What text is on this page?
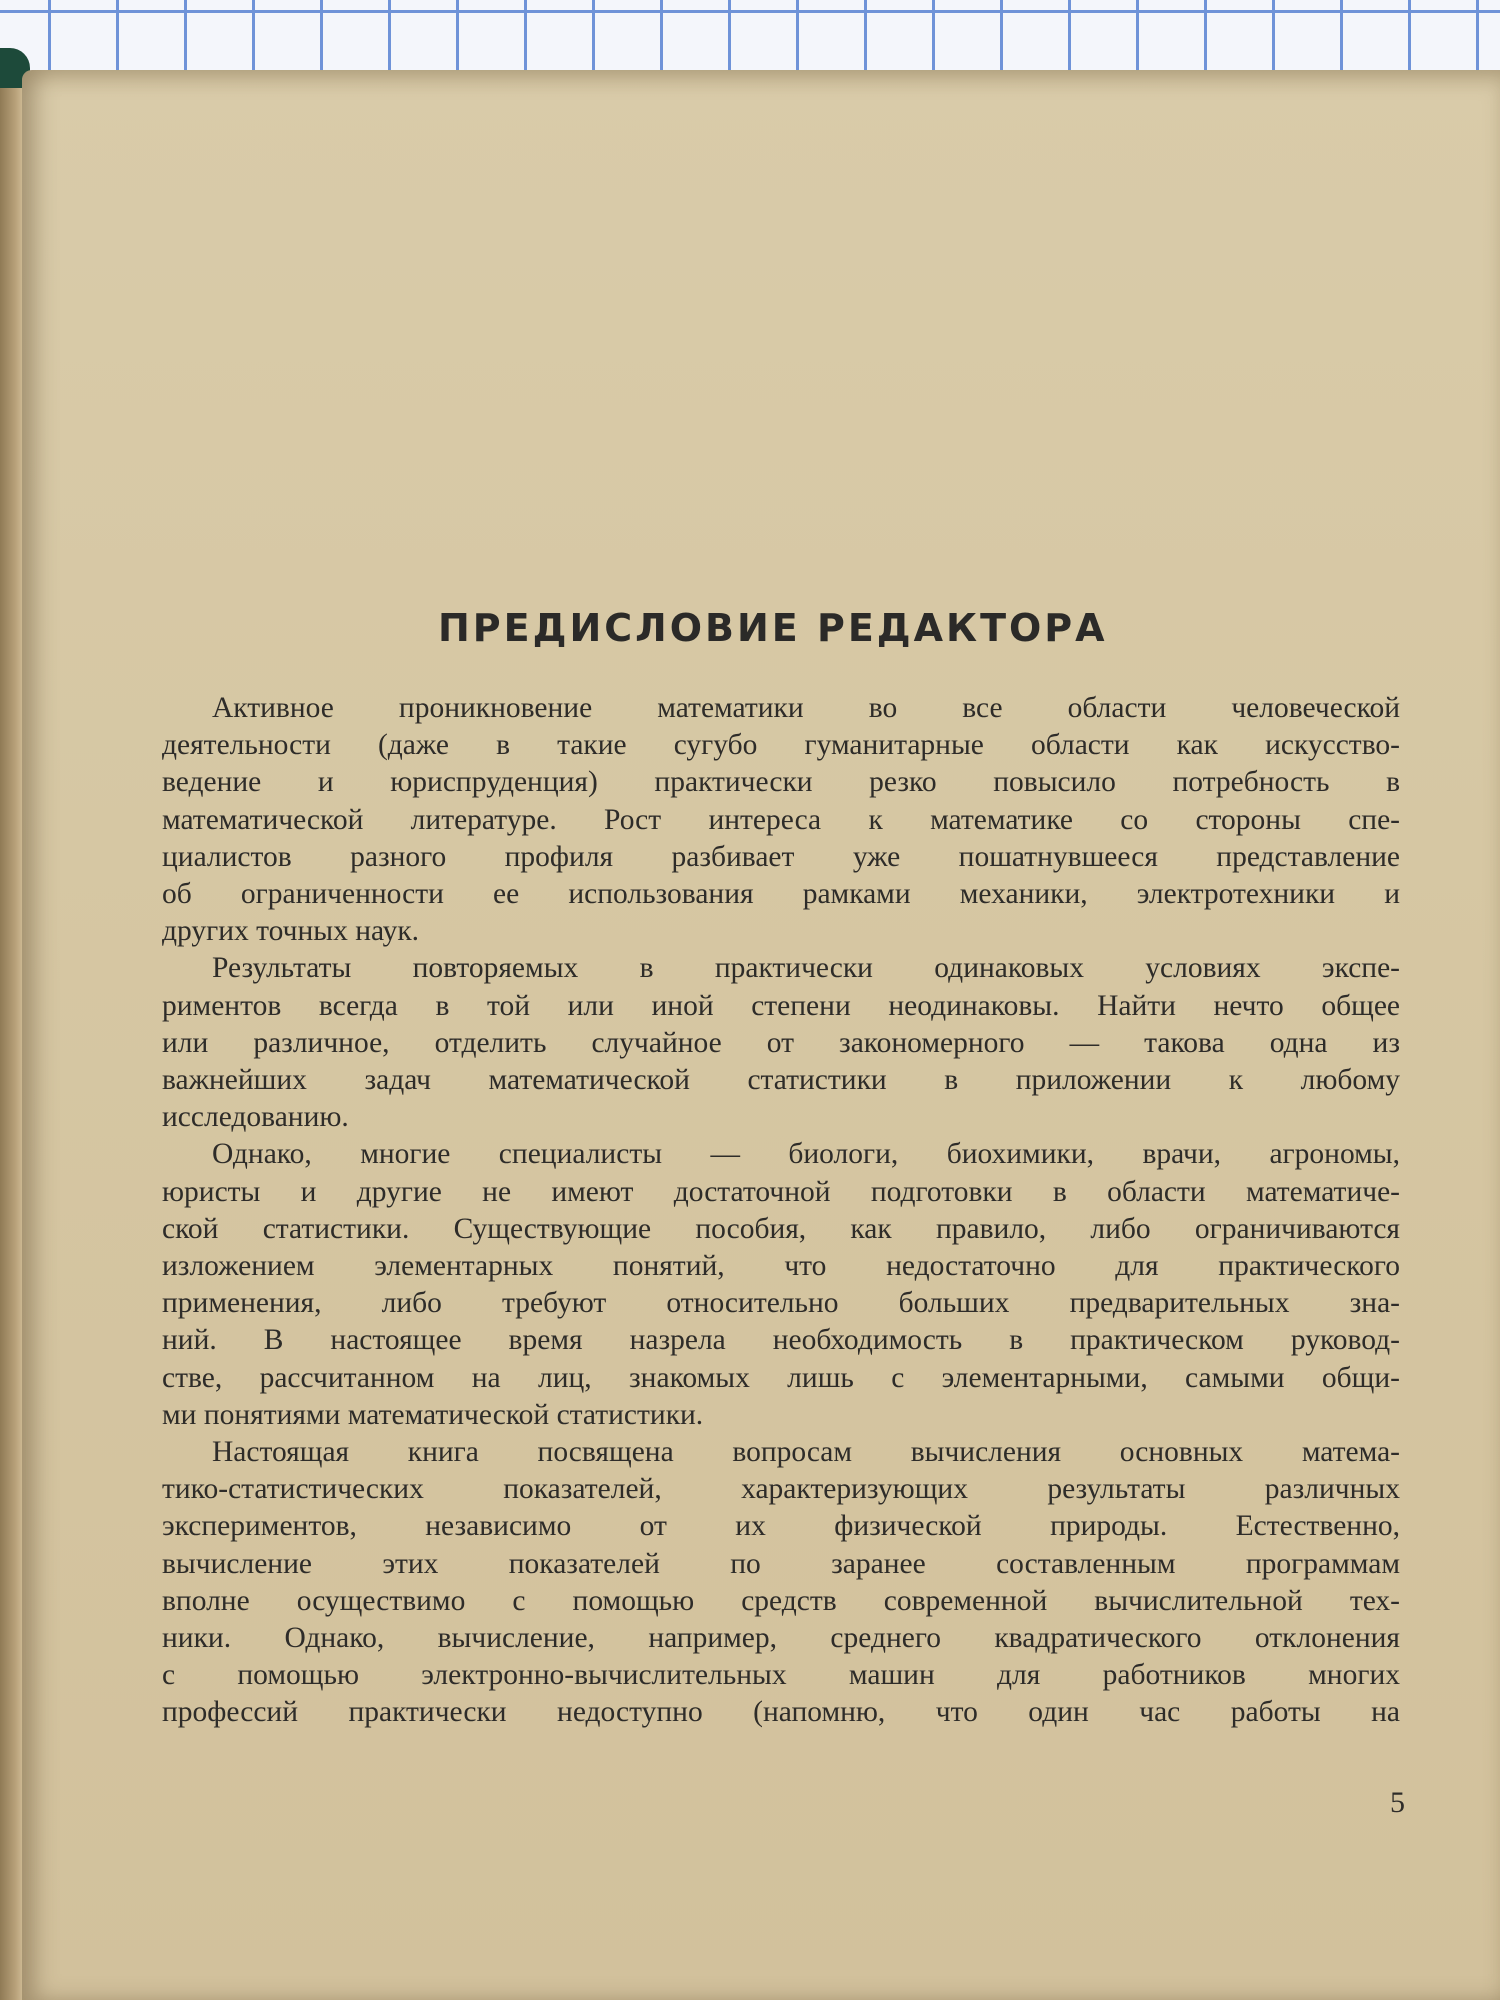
ПРЕДИСЛОВИЕ РЕДАКТОРА
Активное проникновение математики во все области человеческой
деятельности (даже в такие сугубо гуманитарные области как искусство-
ведение и юриспруденция) практически резко повысило потребность в
математической литературе. Рост интереса к математике со стороны спе-
циалистов разного профиля разбивает уже пошатнувшееся представление
об ограниченности ее использования рамками механики, электротехники и
других точных наук.
Результаты повторяемых в практически одинаковых условиях экспе-
риментов всегда в той или иной степени неодинаковы. Найти нечто общее
или различное, отделить случайное от закономерного — такова одна из
важнейших задач математической статистики в приложении к любому
исследованию.
Однако, многие специалисты — биологи, биохимики, врачи, агрономы,
юристы и другие не имеют достаточной подготовки в области математиче-
ской статистики. Существующие пособия, как правило, либо ограничиваются
изложением элементарных понятий, что недостаточно для практического
применения, либо требуют относительно больших предварительных зна-
ний. В настоящее время назрела необходимость в практическом руковод-
стве, рассчитанном на лиц, знакомых лишь с элементарными, самыми общи-
ми понятиями математической статистики.
Настоящая книга посвящена вопросам вычисления основных матема-
тико-статистических показателей, характеризующих результаты различных
экспериментов, независимо от их физической природы. Естественно,
вычисление этих показателей по заранее составленным программам
вполне осуществимо с помощью средств современной вычислительной тех-
ники. Однако, вычисление, например, среднего квадратического отклонения
с помощью электронно-вычислительных машин для работников многих
профессий практически недоступно (напомню, что один час работы на
5
